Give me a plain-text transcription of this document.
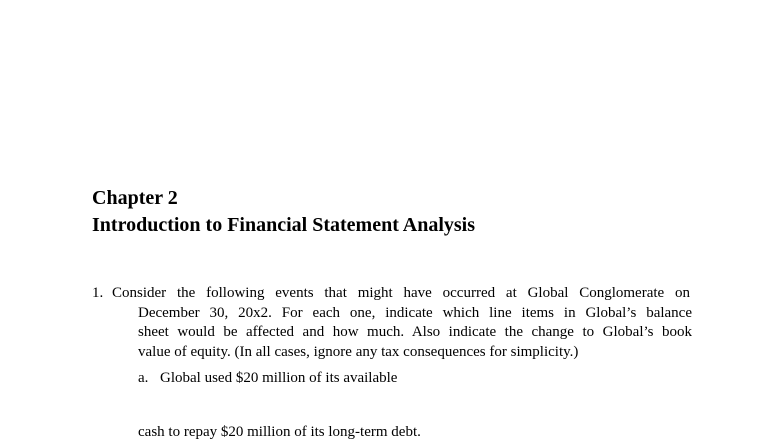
Chapter 2
Introduction to Financial Statement Analysis
1. Consider the following events that might have occurred at Global Conglomerate on
December 30, 20x2. For each one, indicate which line items in Global’s balance
sheet would be affected and how much. Also indicate the change to Global’s book
value of equity. (In all cases, ignore any tax consequences for simplicity.)
a. Global used $20 million of its available
cash to repay $20 million of its long-term debt.
